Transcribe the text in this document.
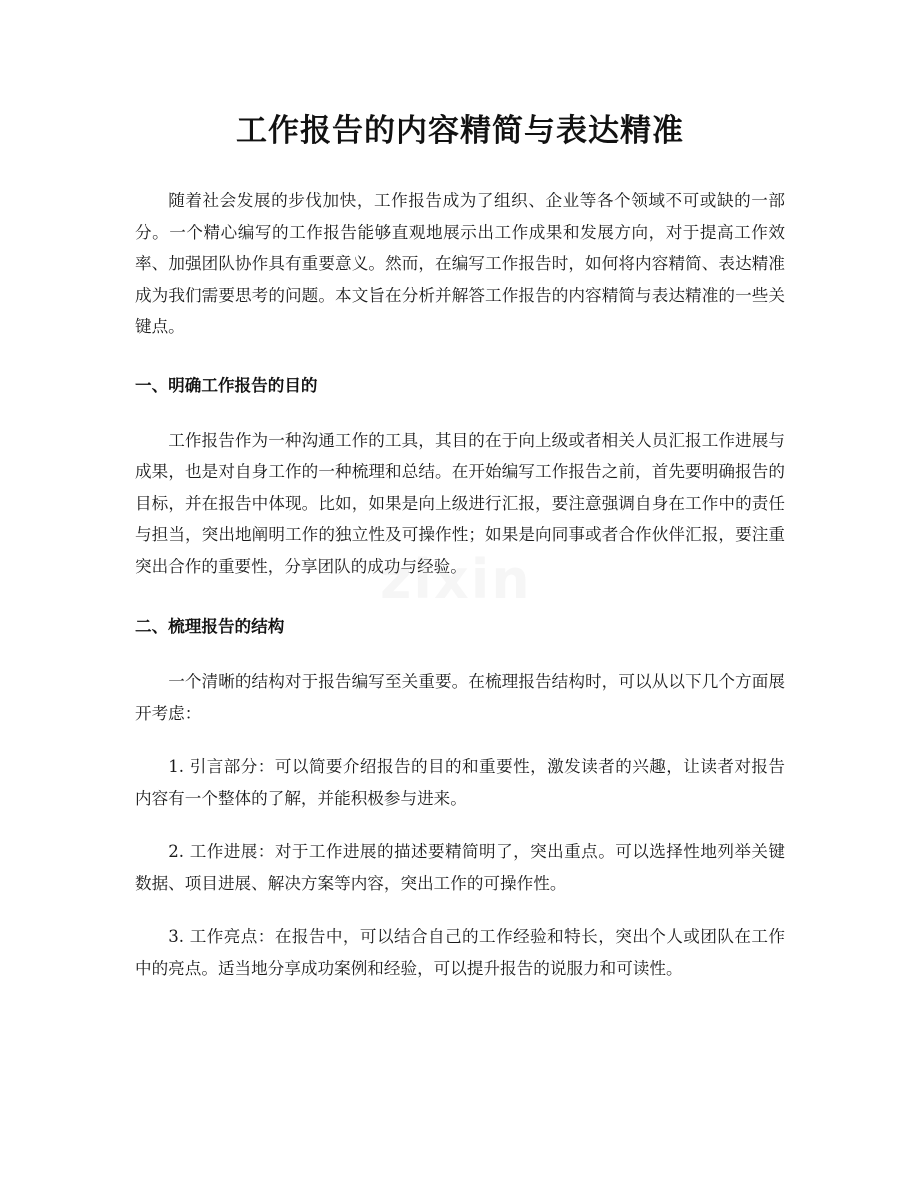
工作报告的内容精简与表达精准

随着社会发展的步伐加快，工作报告成为了组织、企业等各个领域不可或缺的一部分。一个精心编写的工作报告能够直观地展示出工作成果和发展方向，对于提高工作效率、加强团队协作具有重要意义。然而，在编写工作报告时，如何将内容精简、表达精准成为我们需要思考的问题。本文旨在分析并解答工作报告的内容精简与表达精准的一些关键点。

一、明确工作报告的目的

工作报告作为一种沟通工作的工具，其目的在于向上级或者相关人员汇报工作进展与成果，也是对自身工作的一种梳理和总结。在开始编写工作报告之前，首先要明确报告的目标，并在报告中体现。比如，如果是向上级进行汇报，要注意强调自身在工作中的责任与担当，突出地阐明工作的独立性及可操作性；如果是向同事或者合作伙伴汇报，要注重突出合作的重要性，分享团队的成功与经验。

二、梳理报告的结构

一个清晰的结构对于报告编写至关重要。在梳理报告结构时，可以从以下几个方面展开考虑：

1. 引言部分：可以简要介绍报告的目的和重要性，激发读者的兴趣，让读者对报告内容有一个整体的了解，并能积极参与进来。

2. 工作进展：对于工作进展的描述要精简明了，突出重点。可以选择性地列举关键数据、项目进展、解决方案等内容，突出工作的可操作性。

3. 工作亮点：在报告中，可以结合自己的工作经验和特长，突出个人或团队在工作中的亮点。适当地分享成功案例和经验，可以提升报告的说服力和可读性。
